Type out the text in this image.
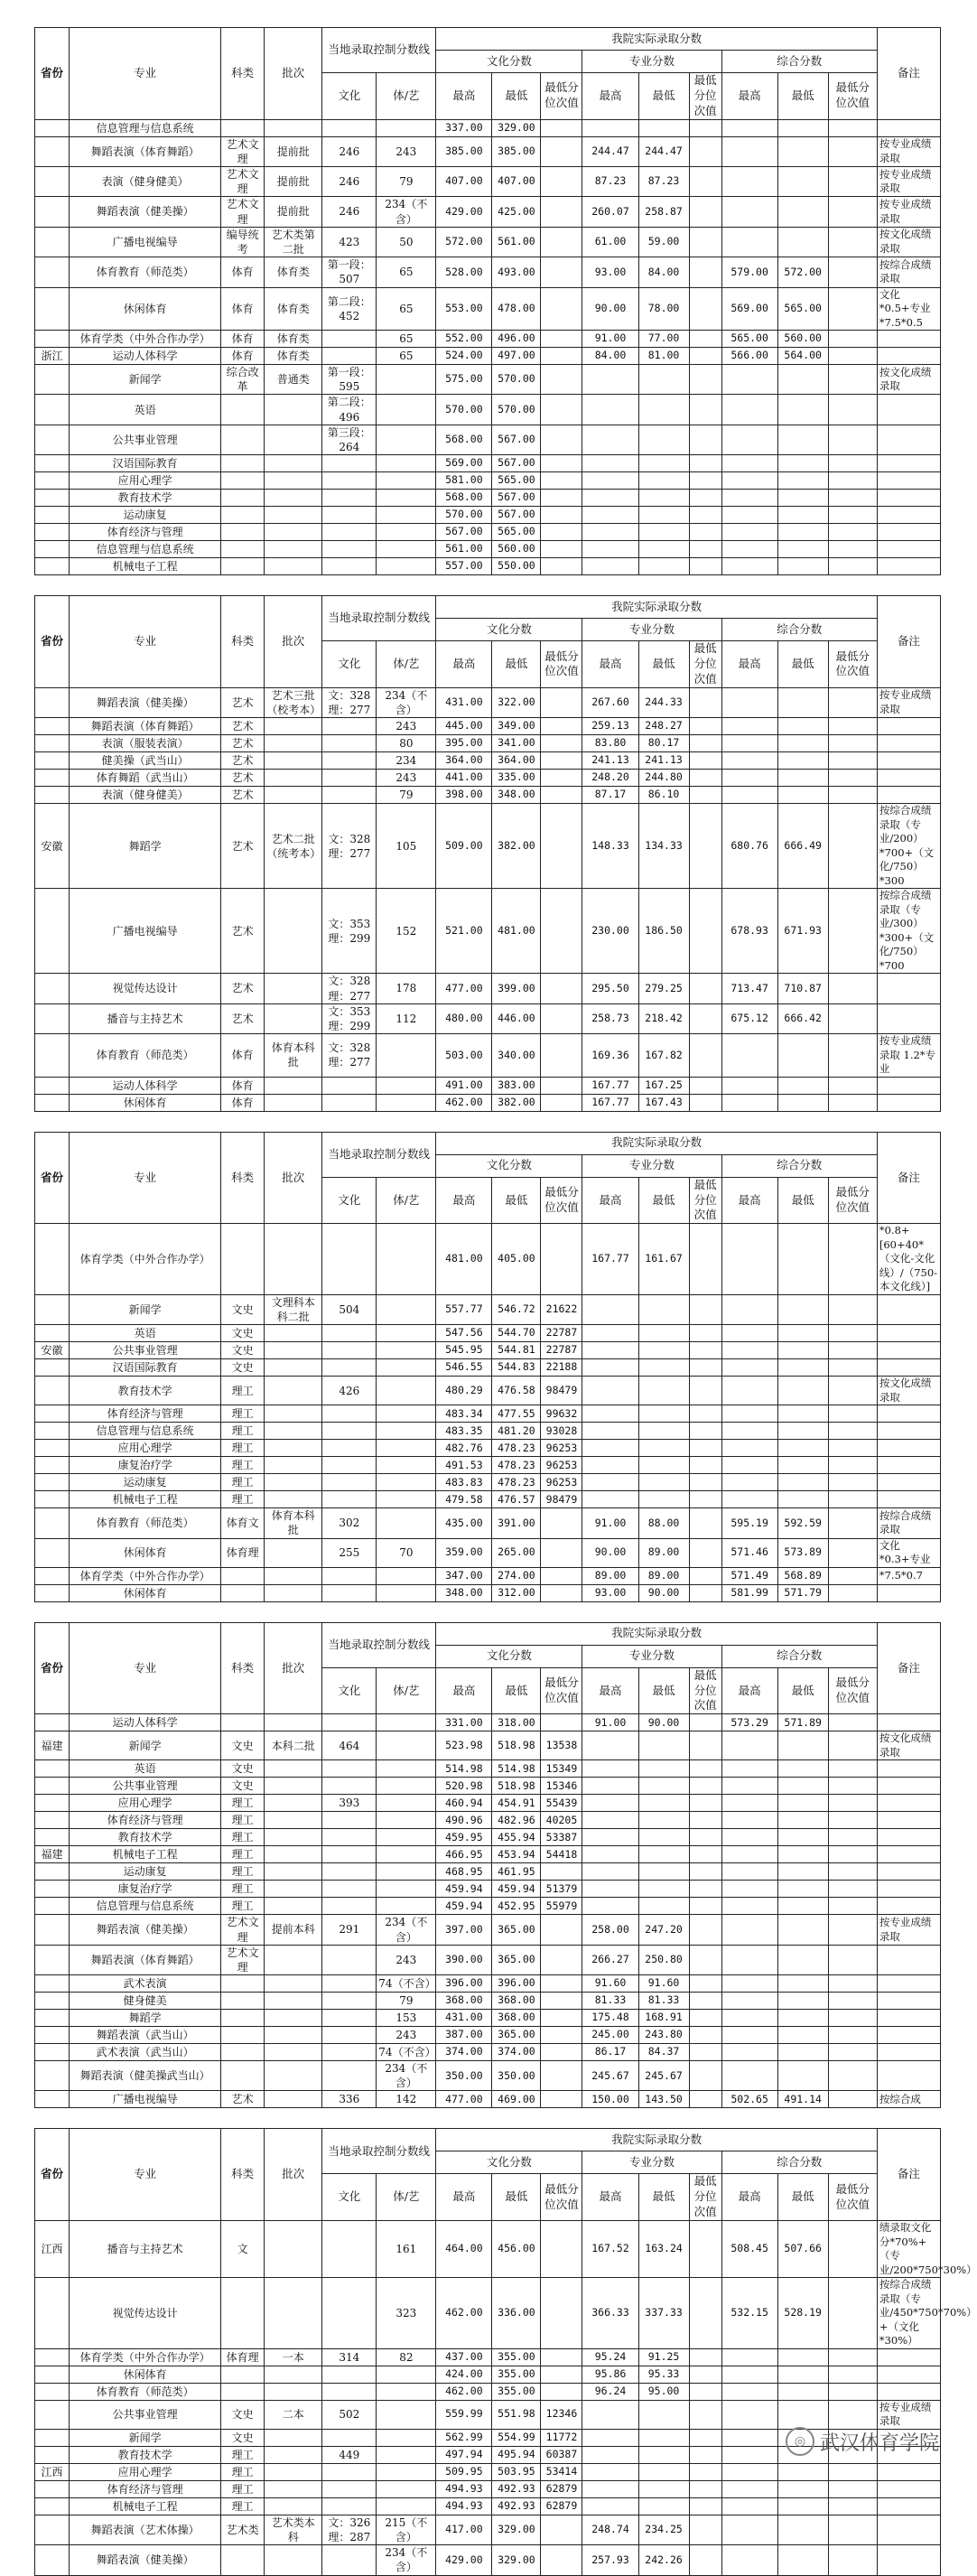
省份	专业	科类	批次	当地录取控制分数线		我院实际录取分数									备注
						文化分数			专业分数			综合分数			
				文化	体/艺	最高	最低	最低分位次值	最高	最低	最低分位次值	最高	最低	最低分位次值	
	信息管理与信息系统					337.00	329.00								
	舞蹈表演（体育舞蹈）	艺术文理	提前批	246	243	385.00	385.00		244.47	244.47					按专业成绩录取
	表演（健身健美）	艺术文理	提前批	246	79	407.00	407.00		87.23	87.23					按专业成绩录取
	舞蹈表演（健美操）	艺术文理	提前批	246	234（不含）	429.00	425.00		260.07	258.87					按专业成绩录取
	广播电视编导	编导统考	艺术类第二批	423	50	572.00	561.00		61.00	59.00					按文化成绩录取
	体育教育（师范类）	体育	体育类	第一段：507	65	528.00	493.00		93.00	84.00		579.00	572.00		按综合成绩录取
	休闲体育	体育	体育类	第二段：452	65	553.00	478.00		90.00	78.00		569.00	565.00		文化*0.5+专业*7.5*0.5
	体育学类（中外合作办学）	体育	体育类		65	552.00	496.00		91.00	77.00		565.00	560.00		
浙江	运动人体科学	体育	体育类		65	524.00	497.00		84.00	81.00		566.00	564.00		
	新闻学	综合改革	普通类	第一段：595		575.00	570.00								按文化成绩录取
	英语			第二段：496		570.00	570.00								
	公共事业管理			第三段：264		568.00	567.00								
	汉语国际教育					569.00	567.00								
	应用心理学					581.00	565.00								
	教育技术学					568.00	567.00								
	运动康复					570.00	567.00								
	体育经济与管理					567.00	565.00								
	信息管理与信息系统					561.00	560.00								
	机械电子工程					557.00	550.00								
省份	专业	科类	批次	当地录取控制分数线		我院实际录取分数									备注
						文化分数			专业分数			综合分数			
				文化	体/艺	最高	最低	最低分位次值	最高	最低	最低分位次值	最高	最低	最低分位次值	
	舞蹈表演（健美操）	艺术	艺术三批（校考本）	文：328 理：277	234（不含）	431.00	322.00		267.60	244.33					按专业成绩录取
	舞蹈表演（体育舞蹈）	艺术			243	445.00	349.00		259.13	248.27					
	表演（服装表演）	艺术			80	395.00	341.00		83.80	80.17					
	健美操（武当山）	艺术			234	364.00	364.00		241.13	241.13					
	体育舞蹈（武当山）	艺术			243	441.00	335.00		248.20	244.80					
	表演（健身健美）	艺术			79	398.00	348.00		87.17	86.10					
安徽	舞蹈学	艺术	艺术二批（统考本）	文：328 理：277	105	509.00	382.00		148.33	134.33		680.76	666.49		按综合成绩录取（专业/200）*700+（文化/750）*300
	广播电视编导	艺术		文：353 理：299	152	521.00	481.00		230.00	186.50		678.93	671.93		按综合成绩录取（专业/300）*300+（文化/750）*700
	视觉传达设计	艺术		文：328 理：277	178	477.00	399.00		295.50	279.25		713.47	710.87		
	播音与主持艺术	艺术		文：353 理：299	112	480.00	446.00		258.73	218.42		675.12	666.42		
	体育教育（师范类）	体育	体育本科批	文：328 理：277		503.00	340.00		169.36	167.82					按专业成绩录取 1.2*专业
	运动人体科学	体育				491.00	383.00		167.77	167.25					
	休闲体育	体育				462.00	382.00		167.77	167.43					
省份	专业	科类	批次	当地录取控制分数线		我院实际录取分数									备注
						文化分数			专业分数			综合分数			
				文化	体/艺	最高	最低	最低分位次值	最高	最低	最低分位次值	最高	最低	最低分位次值	
	体育学类（中外合作办学）					481.00	405.00		167.77	161.67					*0.8+[60+40*（文化-文化线）/（750-本文化线）]
	新闻学	文史	文理科本科二批	504		557.77	546.72	21622							
	英语	文史				547.56	544.70	22787							
安徽	公共事业管理	文史				545.95	544.81	22787							
	汉语国际教育	文史				546.55	544.83	22188							
	教育技术学	理工		426		480.29	476.58	98479							按文化成绩录取
	体育经济与管理	理工				483.34	477.55	99632							
	信息管理与信息系统	理工				483.35	481.20	93028							
	应用心理学	理工				482.76	478.23	96253							
	康复治疗学	理工				491.53	478.23	96253							
	运动康复	理工				483.83	478.23	96253							
	机械电子工程	理工				479.58	476.57	98479							
	体育教育（师范类）	体育文	体育本科批	302		435.00	391.00		91.00	88.00		595.19	592.59		按综合成绩录取
	休闲体育	体育理		255	70	359.00	265.00		90.00	89.00		571.46	573.89		文化*0.3+专业
	体育学类（中外合作办学）					347.00	274.00		89.00	89.00		571.49	568.89		*7.5*0.7
	休闲体育					348.00	312.00		93.00	90.00		581.99	571.79		
省份	专业	科类	批次	当地录取控制分数线		我院实际录取分数									备注
						文化分数			专业分数			综合分数			
				文化	体/艺	最高	最低	最低分位次值	最高	最低	最低分位次值	最高	最低	最低分位次值	
	运动人体科学					331.00	318.00		91.00	90.00		573.29	571.89		
福建	新闻学	文史	本科二批	464		523.98	518.98	13538							按文化成绩录取
	英语	文史				514.98	514.98	15349							
	公共事业管理	文史				520.98	518.98	15346							
	应用心理学	理工		393		460.94	454.91	55439							
	体育经济与管理	理工				490.96	482.96	40205							
	教育技术学	理工				459.95	455.94	53387							
福建	机械电子工程	理工				466.95	453.94	54418							
	运动康复	理工				468.95	461.95								
	康复治疗学	理工				459.94	459.94	51379							
	信息管理与信息系统	理工				459.94	452.95	55979							
	舞蹈表演（健美操）	艺术文理	提前本科	291	234（不含）	397.00	365.00		258.00	247.20					按专业成绩录取
	舞蹈表演（体育舞蹈）	艺术文理			243	390.00	365.00		266.27	250.80					
	武术表演				74（不含）	396.00	396.00		91.60	91.60					
	健身健美				79	368.00	368.00		81.33	81.33					
	舞蹈学				153	431.00	368.00		175.48	168.91					
	舞蹈表演（武当山）				243	387.00	365.00		245.00	243.80					
	武术表演（武当山）				74（不含）	374.00	374.00		86.17	84.37					
	舞蹈表演（健美操武当山）				234（不含）	350.00	350.00		245.67	245.67					
	广播电视编导	艺术		336	142	477.00	469.00		150.00	143.50		502.65	491.14		按综合成
省份	专业	科类	批次	当地录取控制分数线		我院实际录取分数									备注
						文化分数			专业分数			综合分数			
				文化	体/艺	最高	最低	最低分位次值	最高	最低	最低分位次值	最高	最低	最低分位次值	
江西	播音与主持艺术	文			161	464.00	456.00		167.52	163.24		508.45	507.66		绩录取文化分*70%+（专业/200*750*30%）
	视觉传达设计				323	462.00	336.00		366.33	337.33		532.15	528.19		按综合成绩录取（专业/450*750*70%）+（文化*30%）
	体育学类（中外合作办学）	体育理	一本	314	82	437.00	355.00		95.24	91.25					
	休闲体育					424.00	355.00		95.86	95.33					
	体育教育（师范类）					462.00	355.00		96.24	95.00					
	公共事业管理	文史	二本	502		559.99	551.98	12346							按专业成绩录取
	新闻学	文史				562.99	554.99	11772							
	教育技术学	理工		449		497.94	495.94	60387							
江西	应用心理学	理工				509.95	503.95	53414							
	体育经济与管理	理工				494.93	492.93	62879							
	机械电子工程	理工				494.93	492.93	62879							
	舞蹈表演（艺术体操）	艺术类	艺术类本科	文：326 理：287	215（不含）	417.00	329.00		248.74	234.25					
	舞蹈表演（健美操）				234（不含）	429.00	329.00		257.93	242.26					
◎ 武汉体育学院
